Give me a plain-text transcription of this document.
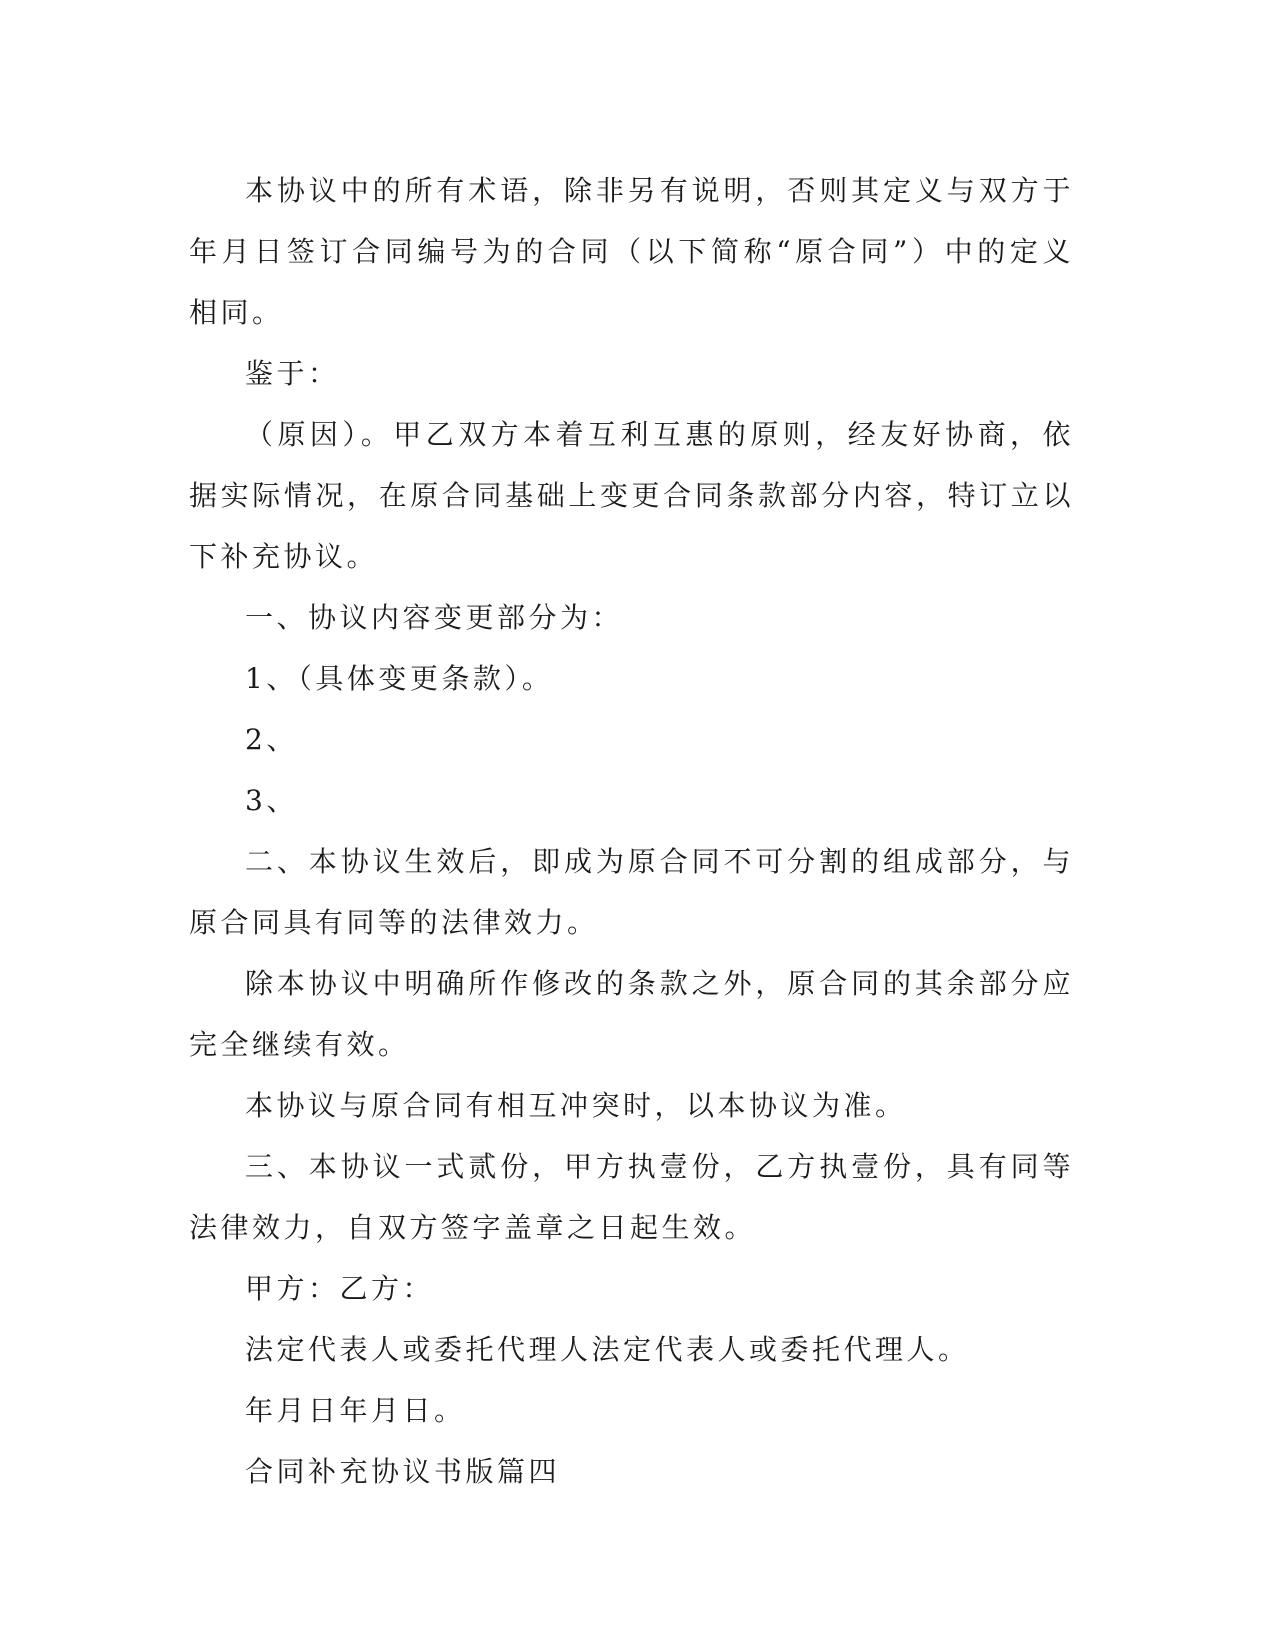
本协议中的所有术语，除非另有说明，否则其定义与双方于年月日签订合同编号为的合同（以下简称“原合同”）中的定义相同。

鉴于：

（原因）。甲乙双方本着互利互惠的原则，经友好协商，依据实际情况，在原合同基础上变更合同条款部分内容，特订立以下补充协议。

一、协议内容变更部分为：

1、（具体变更条款）。

2、

3、

二、本协议生效后，即成为原合同不可分割的组成部分，与原合同具有同等的法律效力。

除本协议中明确所作修改的条款之外，原合同的其余部分应完全继续有效。

本协议与原合同有相互冲突时，以本协议为准。

三、本协议一式贰份，甲方执壹份，乙方执壹份，具有同等法律效力，自双方签字盖章之日起生效。

甲方：乙方：

法定代表人或委托代理人法定代表人或委托代理人。

年月日年月日。

合同补充协议书版篇四
